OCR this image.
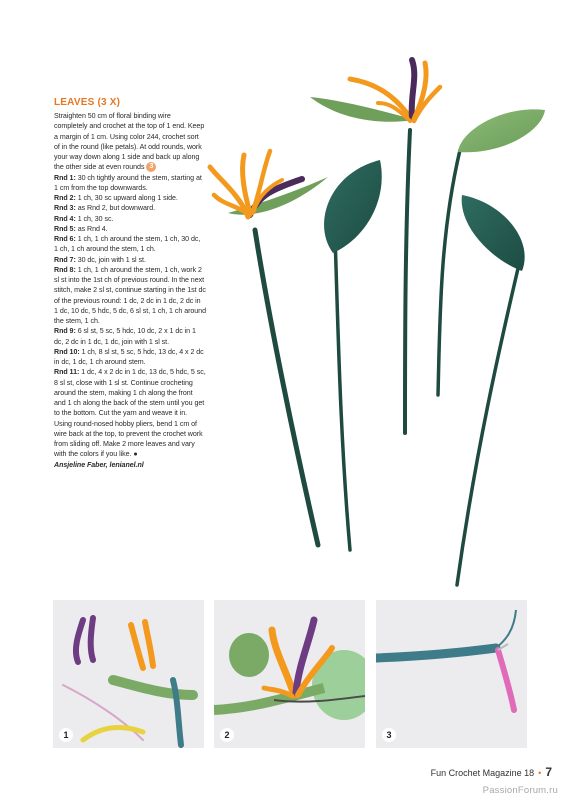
LEAVES (3 X)

Straighten 50 cm of floral binding wire completely and crochet at the top of 1 end. Keep a margin of 1 cm. Using color 244, crochet sort of in the round (like petals). At odd rounds, work your way down along 1 side and back up along the other side at even rounds 3

Rnd 1: 30 ch tightly around the stem, starting at 1 cm from the top downwards.

Rnd 2: 1 ch, 30 sc upward along 1 side.

Rnd 3: as Rnd 2, but downward.

Rnd 4: 1 ch, 30 sc.

Rnd 5: as Rnd 4.

Rnd 6: 1 ch, 1 ch around the stem, 1 ch, 30 dc, 1 ch, 1 ch around the stem, 1 ch.

Rnd 7: 30 dc, join with 1 sl st.

Rnd 8: 1 ch, 1 ch around the stem, 1 ch, work 2 sl st into the 1st ch of previous round. In the next stitch, make 2 sl st, continue starting in the 1st dc of the previous round: 1 dc, 2 dc in 1 dc, 2 dc in 1 dc, 10 dc, 5 hdc, 5 dc, 6 sl st, 1 ch, 1 ch around the stem, 1 ch.

Rnd 9: 6 sl st, 5 sc, 5 hdc, 10 dc, 2 x 1 dc in 1 dc, 2 dc in 1 dc, 1 dc, join with 1 sl st.

Rnd 10: 1 ch, 8 sl st, 5 sc, 5 hdc, 13 dc, 4 x 2 dc in dc, 1 dc, 1 ch around stem.

Rnd 11: 1 dc, 4 x 2 dc in 1 dc, 13 dc, 5 hdc, 5 sc, 8 sl st, close with 1 sl st. Continue crocheting around the stem, making 1 ch along the front and 1 ch along the back of the stem until you get to the bottom. Cut the yarn and weave it in. Using round-nosed hobby pliers, bend 1 cm of wire back at the top, to prevent the crochet work from sliding off. Make 2 more leaves and vary with the colors if you like. ●

Ansjeline Faber, lenianel.nl

1	2	3
Fun Crochet Magazine 18 • 7
PassionForum.ru
